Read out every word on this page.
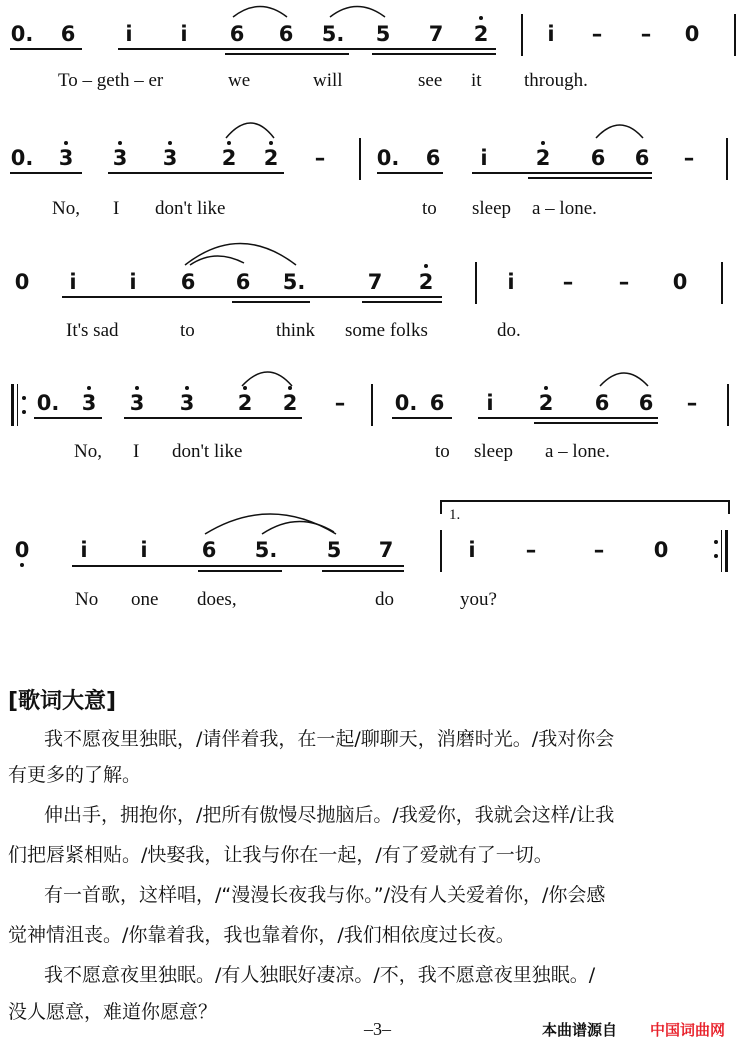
0. 6 i i 6 6 5. 5 7 2	i – – 0
To – geth – er	we	will	see it through.
0. 3 3 3 2 2 – 0. 6 i 2 6 6 –
No, I don't like	to sleep a – lone.
0 i	i 6 6 5.	7 2	i – – 0
It's sad	to	think some folks	do.
0. 3 3 3 2 2 – 0. 6 i 2 6 6 –
No, I don't like	to sleep a – lone.
1.
0 i	i	6 5. 5 7	i –	– 0
No one does,	do	you?
[歌词大意]
我不愿夜里独眠，/请伴着我，在一起/聊聊天，消磨时光。/我对你会
有更多的了解。
伸出手，拥抱你，/把所有傲慢尽抛脑后。/我爱你，我就会这样/让我
们把唇紧相贴。/快娶我，让我与你在一起，/有了爱就有了一切。
有一首歌，这样唱，/“漫漫长夜我与你。”/没有人关爱着你，/你会感
觉神情沮丧。/你靠着我，我也靠着你，/我们相依度过长夜。
我不愿意夜里独眠。/有人独眠好凄凉。/不，我不愿意夜里独眠。/
没人愿意，难道你愿意？
–3–	本曲谱源自 中国词曲网
